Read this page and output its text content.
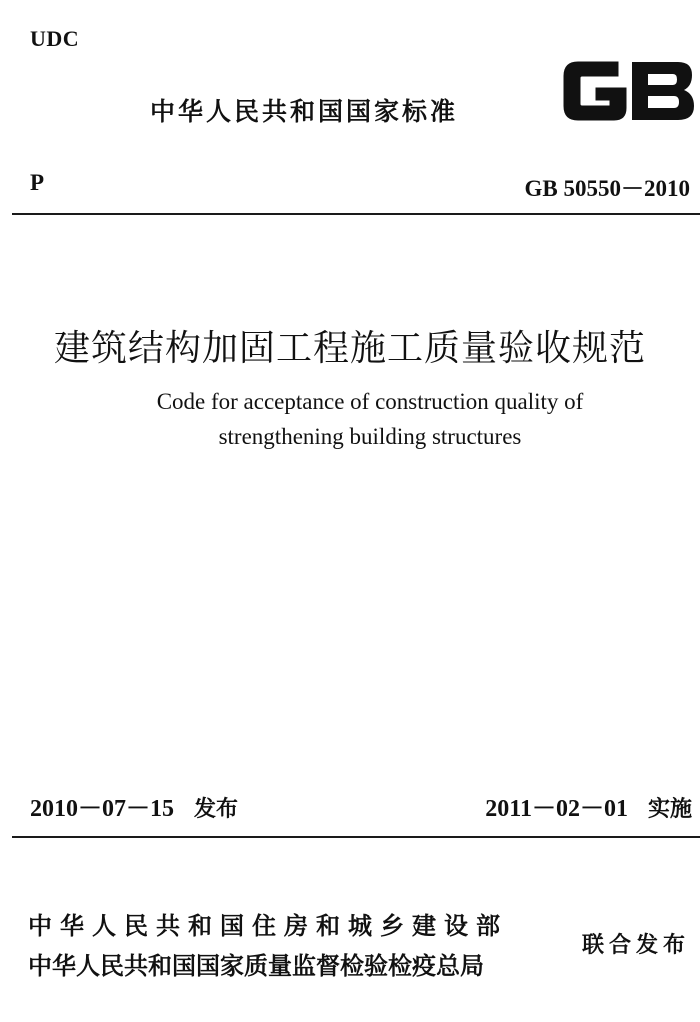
UDC
中华人民共和国国家标准
P	GB 50550－2010
建筑结构加固工程施工质量验收规范
Code for acceptance of construction quality of
strengthening building structures
2010－07－15 发布	2011－02－01 实施
中华人民共和国住房和城乡建设部
中华人民共和国国家质量监督检验检疫总局
联合发布
